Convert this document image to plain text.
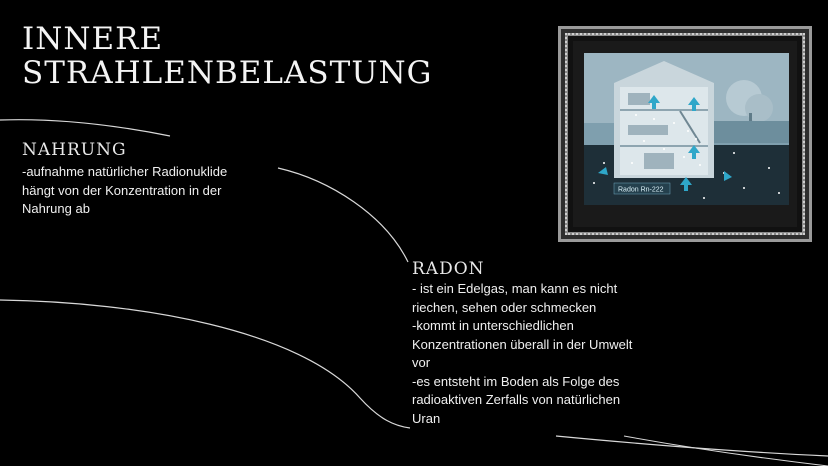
INNERE
STRAHLENBELASTUNG
NAHRUNG
-aufnahme natürlicher Radionuklide
hängt von der Konzentration in der
Nahrung ab
RADON
- ist ein Edelgas, man kann es nicht
riechen, sehen oder schmecken
-kommt in unterschiedlichen
Konzentrationen überall in der Umwelt
vor
-es entsteht im Boden als Folge des
radioaktiven Zerfalls von natürlichen
Uran
Radon Rn-222
